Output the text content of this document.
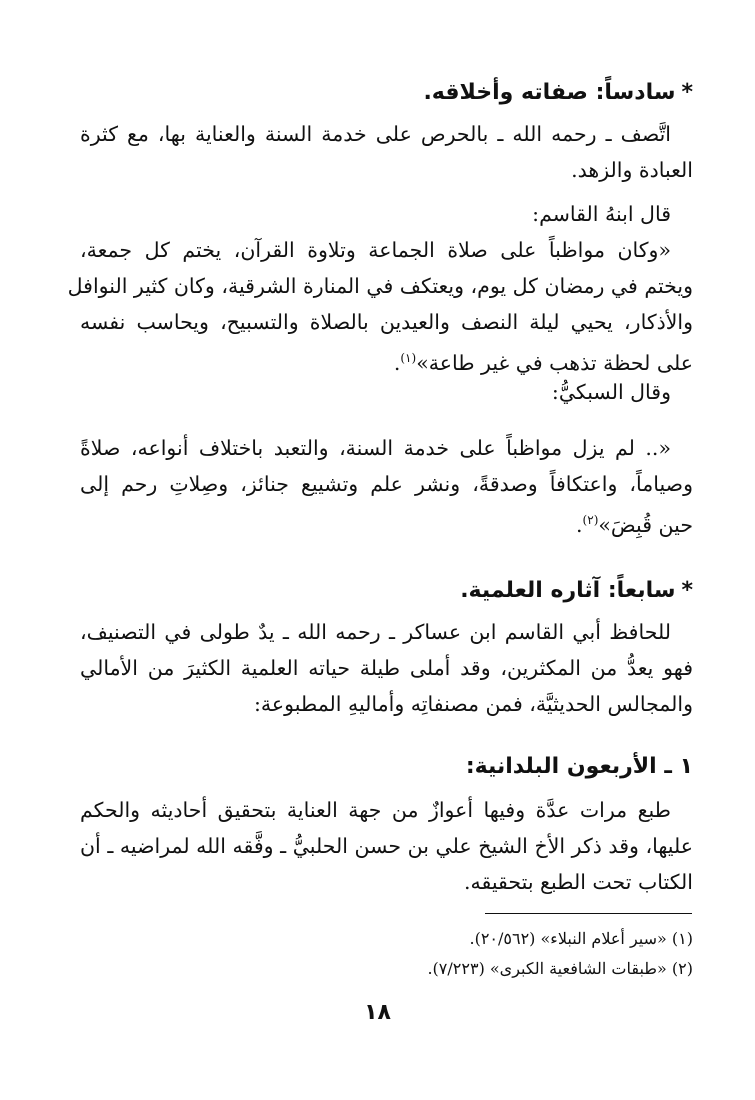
*سادساً: صفاته وأخلاقه.
اتَّصف ـ رحمه الله ـ بالحرص على خدمة السنة والعناية بها، مع كثرة
العبادة والزهد.
قال ابنهُ القاسم:
«وكان مواظباً على صلاة الجماعة وتلاوة القرآن، يختم كل جمعة،
ويختم في رمضان كل يوم، ويعتكف في المنارة الشرقية، وكان كثير النوافل
والأذكار، يحيي ليلة النصف والعيدين بالصلاة والتسبيح، ويحاسب نفسه
على لحظة تذهب في غير طاعة»$^{(١)}$.
وقال السبكيُّ:
«.. لم يزل مواظباً على خدمة السنة، والتعبد باختلاف أنواعه، صلاةً
وصياماً، واعتكافاً وصدقةً، ونشر علم وتشييع جنائز، وصِلاتِ رحم إلى
حين قُبِضَ»$^{(٢)}$.
*سابعاً: آثاره العلمية.
للحافظ أبي القاسم ابن عساكر ـ رحمه الله ـ يدٌ طولى في التصنيف،
فهو يعدُّ من المكثرين، وقد أملى طيلة حياته العلمية الكثيرَ من الأمالي
والمجالس الحديثيَّة، فمن مصنفاتِه وأماليهِ المطبوعة:
١ ـ الأربعون البلدانية:
طبع مرات عدَّة وفيها أعوازٌ من جهة العناية بتحقيق أحاديثه والحكم
عليها، وقد ذكر الأخ الشيخ علي بن حسن الحلبيُّ ـ وفَّقه الله لمراضيه ـ أن
الكتاب تحت الطبع بتحقيقه.
(١) «سير أعلام النبلاء» (٢٠/٥٦٢).
(٢) «طبقات الشافعية الكبرى» (٧/٢٢٣).
١٨
